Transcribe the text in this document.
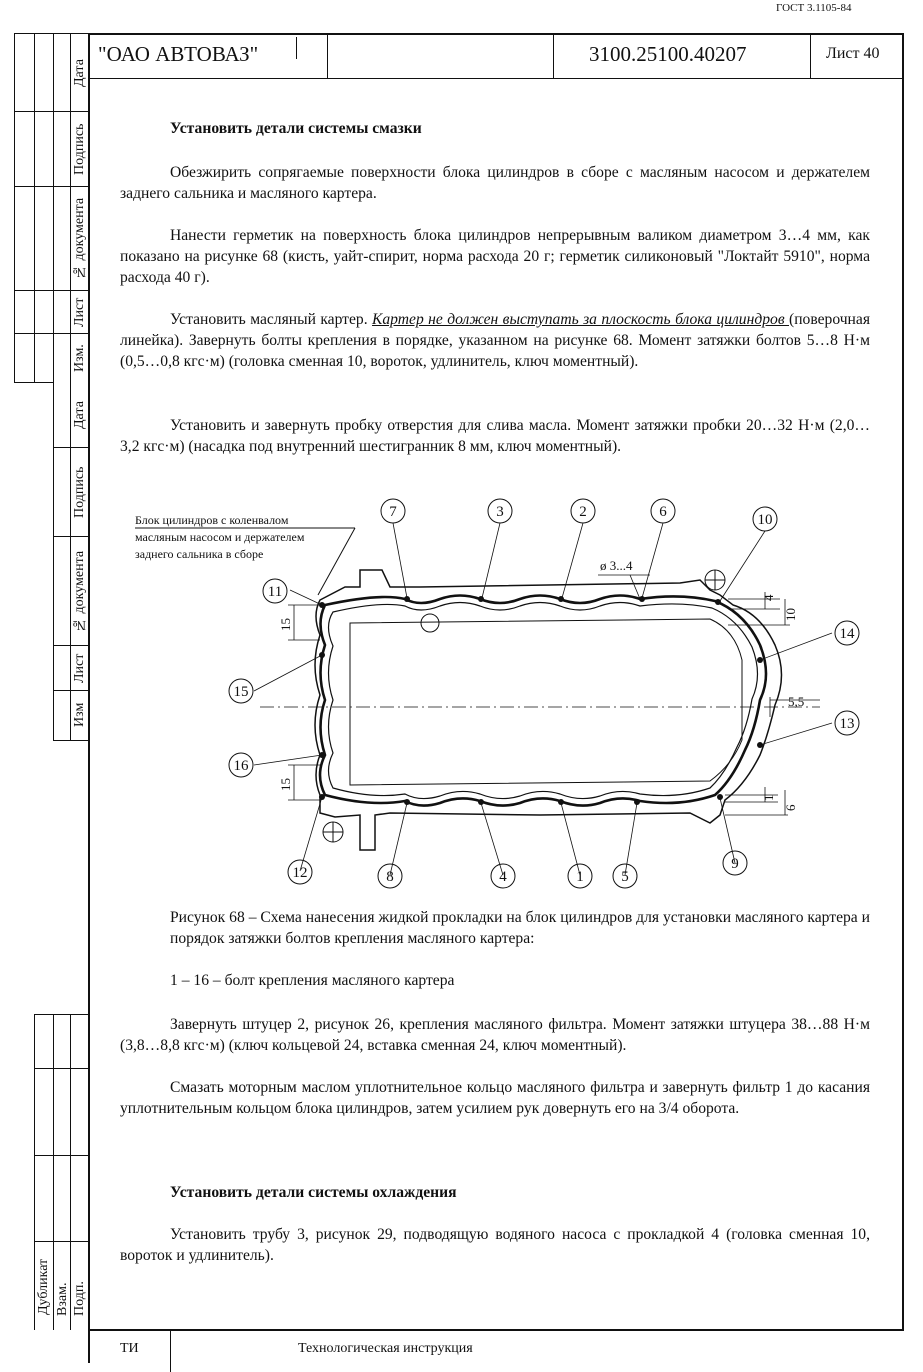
ГОСТ 3.1105-84
"ОАО АВТОВАЗ"	3100.25100.40207	Лист 40
Дата
Подпись
№ документа
Лист
Изм.
Дата
Подпись
№ документа
Лист
Изм
Дубликат Взам. Подп.
Установить детали системы смазки

Обезжирить сопрягаемые поверхности блока цилиндров в сборе с масляным насосом и держателем заднего сальника и масляного картера.

Нанести герметик на поверхность блока цилиндров непрерывным валиком диаметром 3…4 мм, как показано на рисунке 68 (кисть, уайт-спирит, норма расхода 20 г; герметик силиконовый "Локтайт 5910", норма расхода 40 г).

Установить масляный картер. Картер не должен выступать за плоскость блока цилиндров (поверочная линейка). Завернуть болты крепления в порядке, указанном на рисунке 68. Момент затяжки болтов 5…8 Н·м (0,5…0,8 кгс·м) (головка сменная 10, вороток, удлинитель, ключ моментный).

Установить и завернуть пробку отверстия для слива масла. Момент затяжки пробки 20…32 Н·м (2,0…3,2 кгс·м) (насадка под внутренний шестигранник 8 мм, ключ моментный).

7	3	2	6	10
11
14
15
13
16
12	8	4	1	5
9
Блок цилиндров с коленвалом
масляным насосом и держателем
заднего сальника в сборе
ø 3...4
5,5
15
15
4
10
1
6

Рисунок 68 – Схема нанесения жидкой прокладки на блок цилиндров для установки масляного картера и порядок затяжки болтов крепления масляного картера:

1 – 16 – болт крепления масляного картера

Завернуть штуцер 2, рисунок 26, крепления масляного фильтра. Момент затяжки штуцера 38…88 Н·м (3,8…8,8 кгс·м) (ключ кольцевой 24, вставка сменная 24, ключ моментный).

Смазать моторным маслом уплотнительное кольцо масляного фильтра и завернуть фильтр 1 до касания уплотнительным кольцом блока цилиндров, затем усилием рук довернуть его на 3/4 оборота.

Установить детали системы охлаждения

Установить трубу 3, рисунок 29, подводящую водяного насоса с прокладкой 4 (головка сменная 10, вороток и удлинитель).

ТИ	Технологическая инструкция
